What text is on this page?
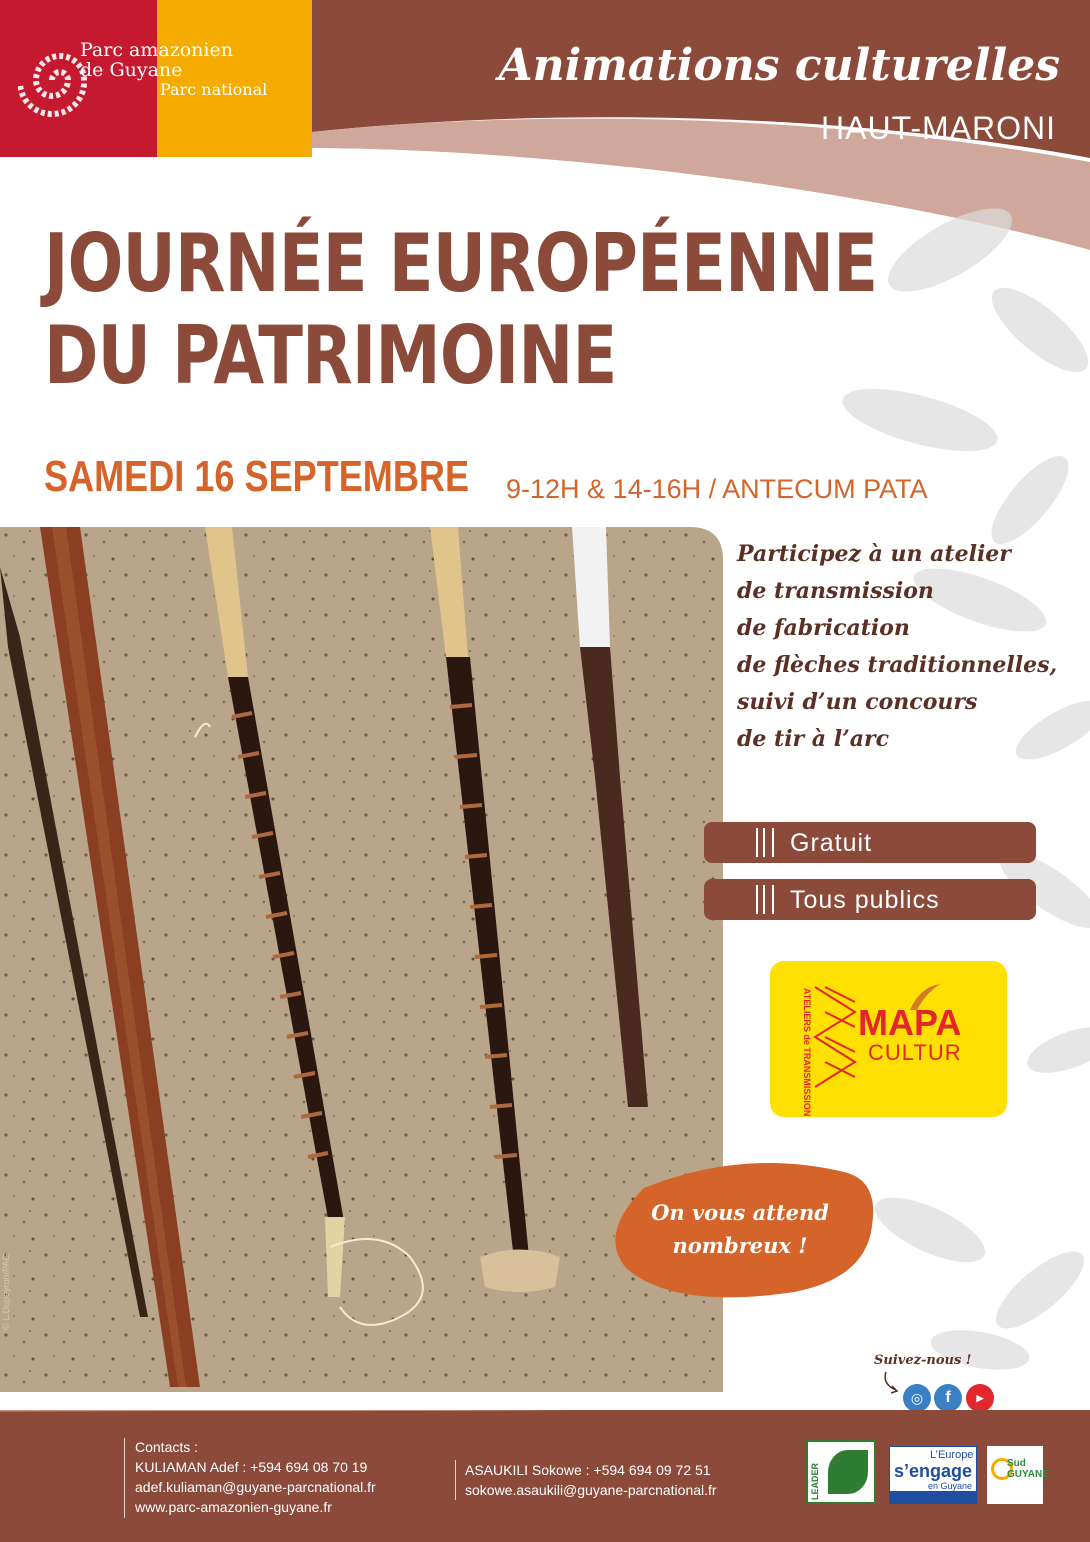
Parc amazonien
de Guyane
Parc national	Animations culturelles
HAUT-MARONI
JOURNÉE EUROPÉENNE
DU PATRIMOINE
SAMEDI 16 SEPTEMBRE 9-12H & 14-16H / ANTECUM PATA
© L.Dupeyron/PAG
Participez à un atelier
de transmission
de fabrication
de flèches traditionnelles,
suivi d’un concours
de tir à l’arc
Gratuit
Tous publics
ATELIERS de TRANSMISSION MAPA
CULTUR
On vous attend
nombreux !
Suivez-nous !
◎	f	▶
Contacts :
KULIAMAN Adef : +594 694 08 70 19
adef.kuliaman@guyane-parcnational.fr
www.parc-amazonien-guyane.fr
ASAUKILI Sokowe : +594 694 09 72 51
sokowe.asaukili@guyane-parcnational.fr	LEADER
L’Europe
s’engage
en Guyane
Sud GUYANE
